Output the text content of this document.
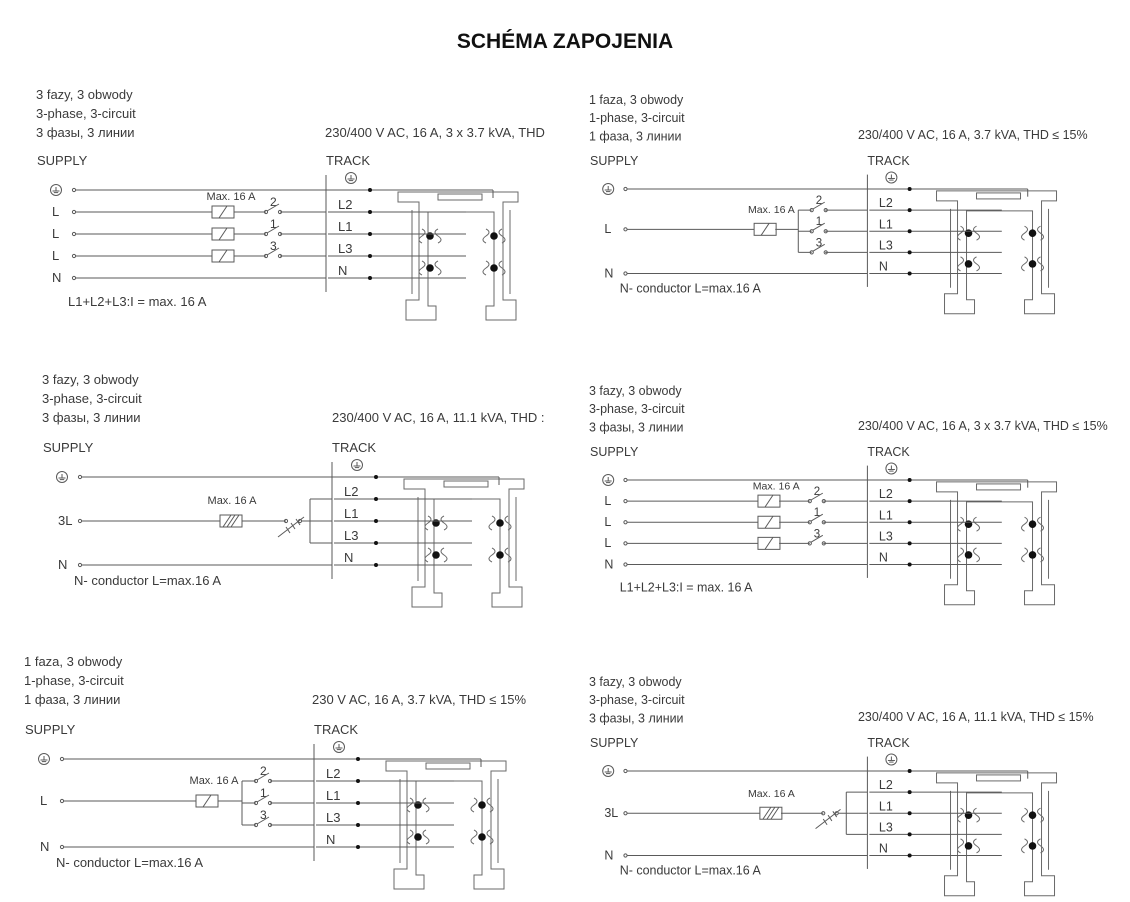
SCHÉMA ZAPOJENIA
3 fazy, 3 obwody
3-phase, 3-circuit
3 фазы, 3 линии	230/400 V AC, 16 A, 3 x 3.7 kVA, THD
SUPPLY	TRACK
L2
L1
L3
N
N
Max. 16 A
L
2
L
1
L
3
L1+L2+L3:I = max. 16 A
1 faza, 3 obwody
1-phase, 3-circuit
1 фаза, 3 линии	230/400 V AC, 16 A, 3.7 kVA, THD ≤ 15%
SUPPLY	TRACK
L2
L1
L3
N
N
L
Max. 16 A
2
1
3
N- conductor L=max.16 A
3 fazy, 3 obwody
3-phase, 3-circuit
3 фазы, 3 линии	230/400 V AC, 16 A, 11.1 kVA, THD :
SUPPLY	TRACK
L2
L1
L3
N
N
3L
Max. 16 A
N- conductor L=max.16 A
3 fazy, 3 obwody
3-phase, 3-circuit
3 фазы, 3 линии	230/400 V AC, 16 A, 3 x 3.7 kVA, THD ≤ 15%
SUPPLY	TRACK
L2
L1
L3
N
N
Max. 16 A
L
2
L
1
L
3
L1+L2+L3:I = max. 16 A
1 faza, 3 obwody
1-phase, 3-circuit
1 фаза, 3 линии	230 V AC, 16 A, 3.7 kVA, THD ≤ 15%
SUPPLY	TRACK
L2
L1
L3
N
N
L
Max. 16 A
2
1
3
N- conductor L=max.16 A
3 fazy, 3 obwody
3-phase, 3-circuit
3 фазы, 3 линии	230/400 V AC, 16 A, 11.1 kVA, THD ≤ 15%
SUPPLY	TRACK
L2
L1
L3
N
N
3L
Max. 16 A
N- conductor L=max.16 A
